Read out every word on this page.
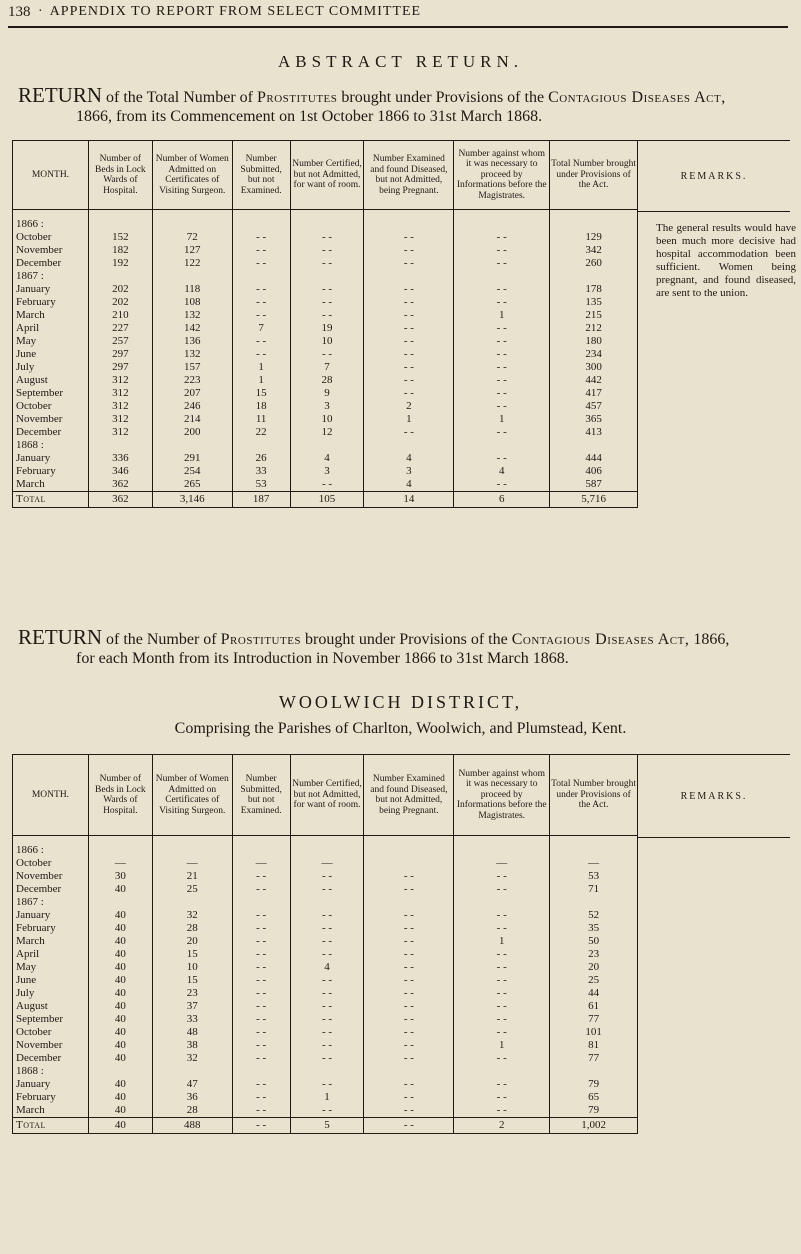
138 · APPENDIX TO REPORT FROM SELECT COMMITTEE
ABSTRACT RETURN.
RETURN of the Total Number of Prostitutes brought under Provisions of the Contagious Diseases Act,
1866, from its Commencement on 1st October 1866 to 31st March 1868.
MONTH.	Number of Beds in Lock Wards of Hospital.	Number of Women Admitted on Certificates of Visiting Surgeon.	Number Submitted, but not Examined.	Number Certified, but not Admitted, for want of room.	Number Examined and found Diseased, but not Admitted, being Pregnant.	Number against whom it was necessary to proceed by Informations before the Magistrates.	Total Number brought under Provisions of the Act.
1866 :							
October	152	72	- -	- -	- -	- -	129
November	182	127	- -	- -	- -	- -	342
December	192	122	- -	- -	- -	- -	260
1867 :							
January	202	118	- -	- -	- -	- -	178
February	202	108	- -	- -	- -	- -	135
March	210	132	- -	- -	- -	1	215
April	227	142	7	19	- -	- -	212
May	257	136	- -	10	- -	- -	180
June	297	132	- -	- -	- -	- -	234
July	297	157	1	7	- -	- -	300
August	312	223	1	28	- -	- -	442
September	312	207	15	9	- -	- -	417
October	312	246	18	3	2	- -	457
November	312	214	11	10	1	1	365
December	312	200	22	12	- -	- -	413
1868 :							
January	336	291	26	4	4	- -	444
February	346	254	33	3	3	4	406
March	362	265	53	- -	4	- -	587
Total	362	3,146	187	105	14	6	5,716
REMARKS.
The general results would have been much more decisive had hospital accommodation been sufficient. Women being pregnant, and found diseased, are sent to the union.
RETURN of the Number of Prostitutes brought under Provisions of the Contagious Diseases Act, 1866,
for each Month from its Introduction in November 1866 to 31st March 1868.
WOOLWICH DISTRICT,
Comprising the Parishes of Charlton, Woolwich, and Plumstead, Kent.
MONTH.	Number of Beds in Lock Wards of Hospital.	Number of Women Admitted on Certificates of Visiting Surgeon.	Number Submitted, but not Examined.	Number Certified, but not Admitted, for want of room.	Number Examined and found Diseased, but not Admitted, being Pregnant.	Number against whom it was necessary to proceed by Informations before the Magistrates.	Total Number brought under Provisions of the Act.
1866 :							
October	—	—	—	—		—	—
November	30	21	- -	- -	- -	- -	53
December	40	25	- -	- -	- -	- -	71
1867 :							
January	40	32	- -	- -	- -	- -	52
February	40	28	- -	- -	- -	- -	35
March	40	20	- -	- -	- -	1	50
April	40	15	- -	- -	- -	- -	23
May	40	10	- -	4	- -	- -	20
June	40	15	- -	- -	- -	- -	25
July	40	23	- -	- -	- -	- -	44
August	40	37	- -	- -	- -	- -	61
September	40	33	- -	- -	- -	- -	77
October	40	48	- -	- -	- -	- -	101
November	40	38	- -	- -	- -	1	81
December	40	32	- -	- -	- -	- -	77
1868 :							
January	40	47	- -	- -	- -	- -	79
February	40	36	- -	1	- -	- -	65
March	40	28	- -	- -	- -	- -	79
Total	40	488	- -	5	- -	2	1,002
REMARKS.
